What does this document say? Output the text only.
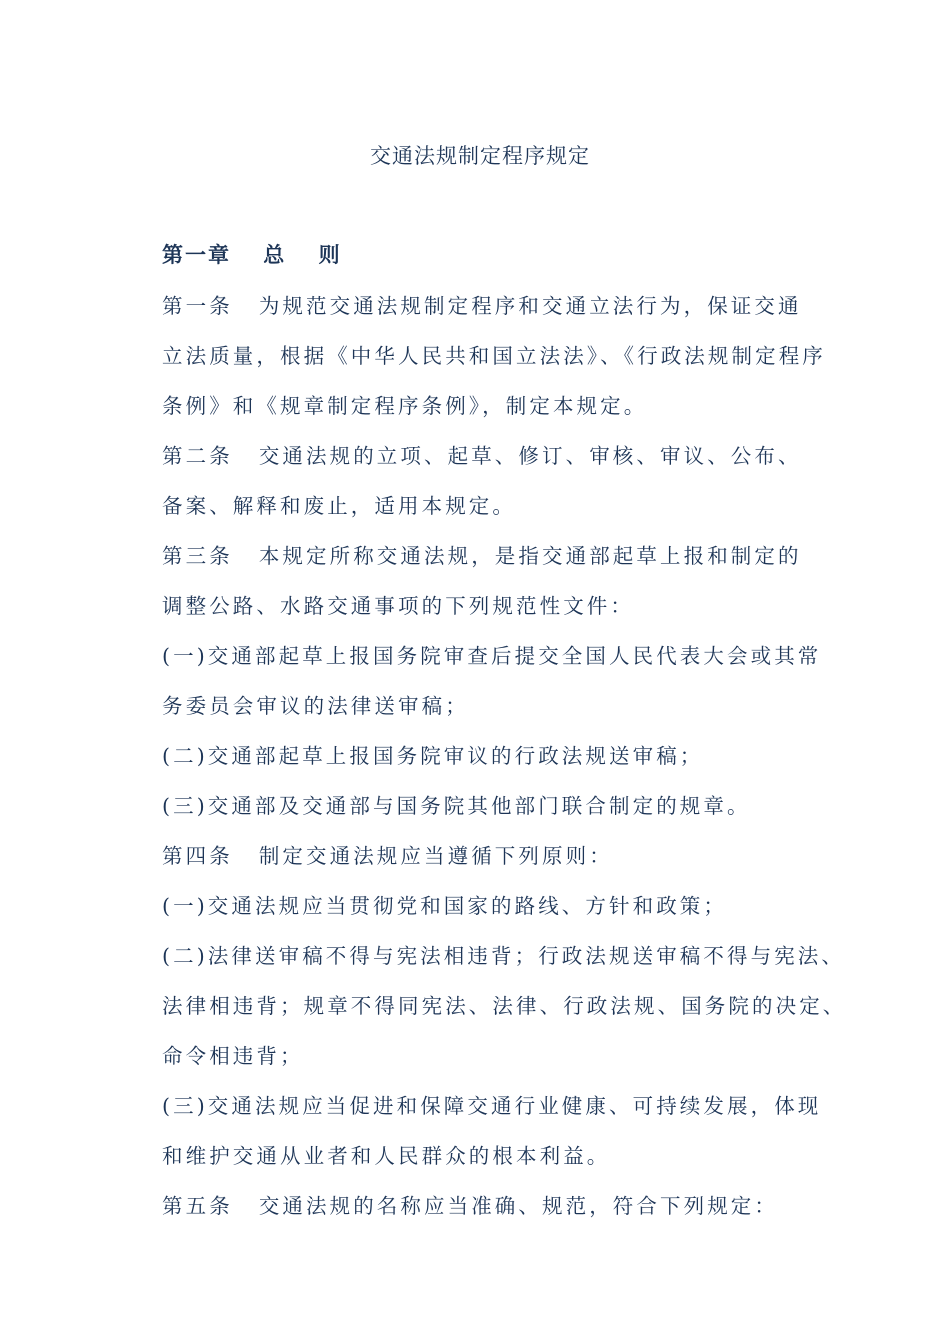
交通法规制定程序规定
第一章　 总　 则
第一条 为规范交通法规制定程序和交通立法行为，保证交通
立法质量，根据《中华人民共和国立法法》、《行政法规制定程序
条例》和《规章制定程序条例》，制定本规定。
第二条 交通法规的立项、起草、修订、审核、审议、公布、
备案、解释和废止，适用本规定。
第三条 本规定所称交通法规，是指交通部起草上报和制定的
调整公路、水路交通事项的下列规范性文件：
(一)交通部起草上报国务院审查后提交全国人民代表大会或其常
务委员会审议的法律送审稿；
(二)交通部起草上报国务院审议的行政法规送审稿；
(三)交通部及交通部与国务院其他部门联合制定的规章。
第四条 制定交通法规应当遵循下列原则：
(一)交通法规应当贯彻党和国家的路线、方针和政策；
(二)法律送审稿不得与宪法相违背；行政法规送审稿不得与宪法、
法律相违背；规章不得同宪法、法律、行政法规、国务院的决定、
命令相违背；
(三)交通法规应当促进和保障交通行业健康、可持续发展，体现
和维护交通从业者和人民群众的根本利益。
第五条 交通法规的名称应当准确、规范，符合下列规定：
